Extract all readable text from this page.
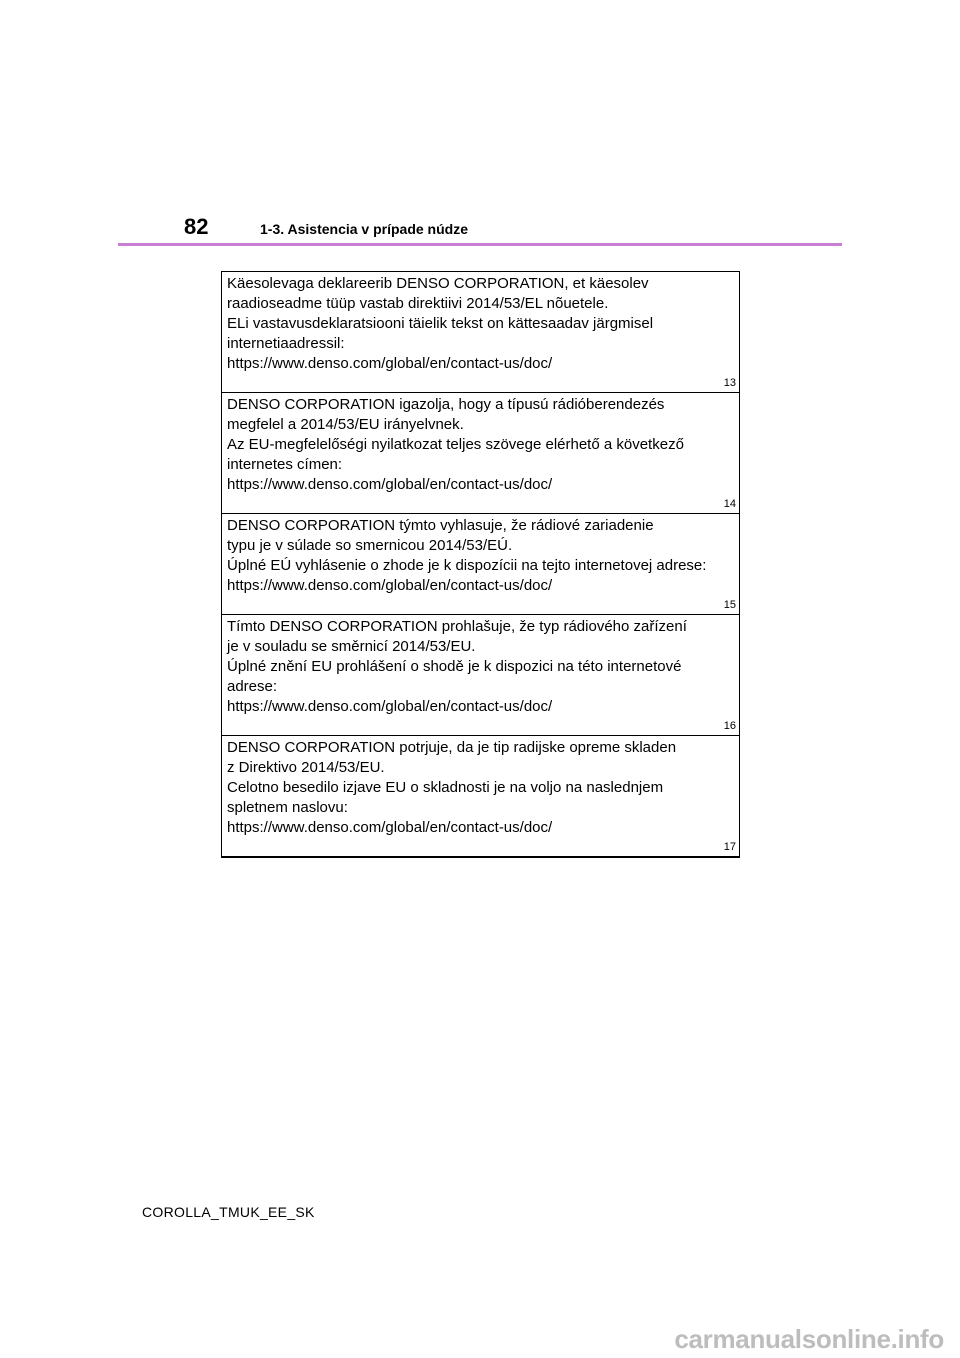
82	1-3. Asistencia v prípade núdze
Käesolevaga deklareerib DENSO CORPORATION, et käesolev
raadioseadme tüüp vastab direktiivi 2014/53/EL nõuetele.
ELi vastavusdeklaratsiooni täielik tekst on kättesaadav järgmisel
internetiaadressil:
https://www.denso.com/global/en/contact-us/doc/
13
DENSO CORPORATION igazolja, hogy a típusú rádióberendezés
megfelel a 2014/53/EU irányelvnek.
Az EU-megfelelőségi nyilatkozat teljes szövege elérhető a következő
internetes címen:
https://www.denso.com/global/en/contact-us/doc/
14
DENSO CORPORATION týmto vyhlasuje, že rádiové zariadenie
typu je v súlade so smernicou 2014/53/EÚ.
Úplné EÚ vyhlásenie o zhode je k dispozícii na tejto internetovej adrese:
https://www.denso.com/global/en/contact-us/doc/
15
Tímto DENSO CORPORATION prohlašuje, že typ rádiového zařízení
je v souladu se směrnicí 2014/53/EU.
Úplné znění EU prohlášení o shodě je k dispozici na této internetové
adrese:
https://www.denso.com/global/en/contact-us/doc/
16
DENSO CORPORATION potrjuje, da je tip radijske opreme skladen
z Direktivo 2014/53/EU.
Celotno besedilo izjave EU o skladnosti je na voljo na naslednjem
spletnem naslovu:
https://www.denso.com/global/en/contact-us/doc/
17
COROLLA_TMUK_EE_SK
carmanualsonline.info
